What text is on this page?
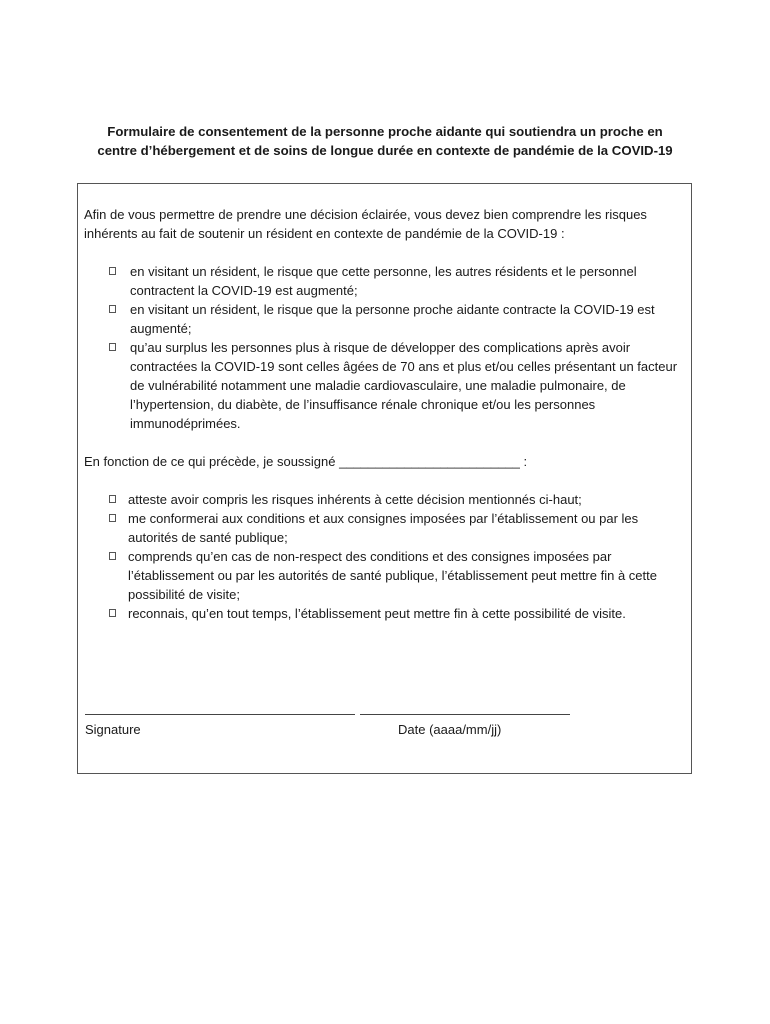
Formulaire de consentement de la personne proche aidante qui soutiendra un proche en centre d’hébergement et de soins de longue durée en contexte de pandémie de la COVID-19

Afin de vous permettre de prendre une décision éclairée, vous devez bien comprendre les risques inhérents au fait de soutenir un résident en contexte de pandémie de la COVID-19 :

en visitant un résident, le risque que cette personne, les autres résidents et le personnel contractent la COVID-19 est augmenté;
en visitant un résident, le risque que la personne proche aidante contracte la COVID-19 est augmenté;
qu’au surplus les personnes plus à risque de développer des complications après avoir contractées la COVID-19 sont celles âgées de 70 ans et plus et/ou celles présentant un facteur de vulnérabilité notamment une maladie cardiovasculaire, une maladie pulmonaire, de l’hypertension, du diabète, de l’insuffisance rénale chronique et/ou les personnes immunodéprimées.

En fonction de ce qui précède, je soussigné _________________________ :

atteste avoir compris les risques inhérents à cette décision mentionnés ci-haut;
me conformerai aux conditions et aux consignes imposées par l’établissement ou par les autorités de santé publique;
comprends qu’en cas de non-respect des conditions et des consignes imposées par l’établissement ou par les autorités de santé publique, l’établissement peut mettre fin à cette possibilité de visite;
reconnais, qu’en tout temps, l’établissement peut mettre fin à cette possibilité de visite.
Signature	Date (aaaa/mm/jj)
